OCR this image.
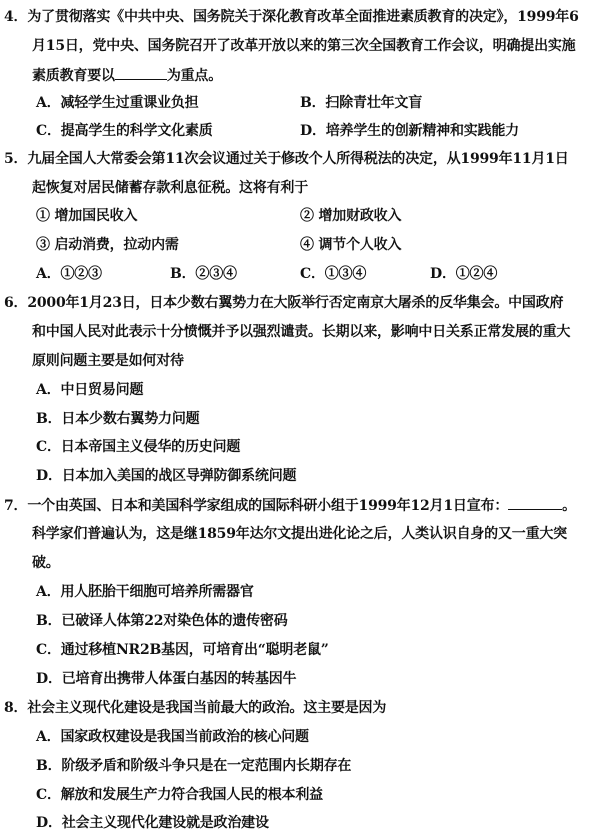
4．为了贯彻落实《中共中央、国务院关于深化教育改革全面推进素质教育的决定》，1999年6
月15日，党中央、国务院召开了改革开放以来的第三次全国教育工作会议，明确提出实施
素质教育要以	为重点。
A．减轻学生过重课业负担	B．扫除青壮年文盲
C．提高学生的科学文化素质	D．培养学生的创新精神和实践能力
5．九届全国人大常委会第11次会议通过关于修改个人所得税法的决定，从1999年11月1日
起恢复对居民储蓄存款利息征税。这将有利于
① 增加国民收入	② 增加财政收入
③ 启动消费，拉动内需	④ 调节个人收入
A．①②③	B．②③④	C．①③④	D．①②④
6．2000年1月23日，日本少数右翼势力在大阪举行否定南京大屠杀的反华集会。中国政府
和中国人民对此表示十分愤慨并予以强烈谴责。长期以来，影响中日关系正常发展的重大
原则问题主要是如何对待
A．中日贸易问题
B．日本少数右翼势力问题
C．日本帝国主义侵华的历史问题
D．日本加入美国的战区导弹防御系统问题
7．一个由英国、日本和美国科学家组成的国际科研小组于1999年12月1日宣布：	。
科学家们普遍认为，这是继1859年达尔文提出进化论之后，人类认识自身的又一重大突
破。
A．用人胚胎干细胞可培养所需器官
B．已破译人体第22对染色体的遗传密码
C．通过移植NR2B基因，可培育出“聪明老鼠”
D．已培育出携带人体蛋白基因的转基因牛
8．社会主义现代化建设是我国当前最大的政治。这主要是因为
A．国家政权建设是我国当前政治的核心问题
B．阶级矛盾和阶级斗争只是在一定范围内长期存在
C．解放和发展生产力符合我国人民的根本利益
D．社会主义现代化建设就是政治建设
